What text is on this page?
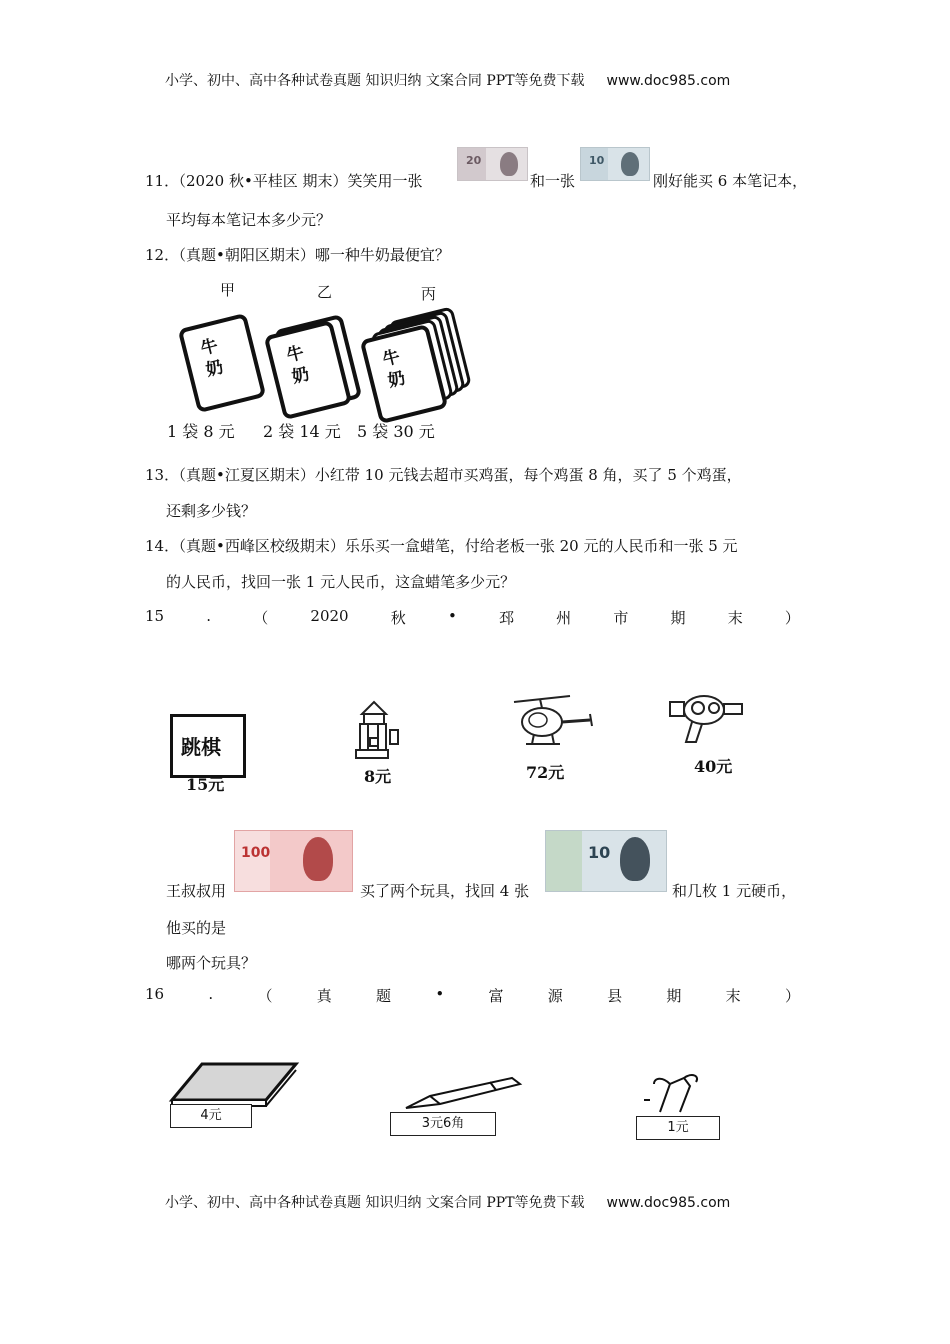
小学、初中、高中各种试卷真题 知识归纳 文案合同 PPT等免费下载 www.doc985.com
11．（2020 秋•平桂区 期末）笑笑用一张
20
和一张
10
刚好能买 6 本笔记本，
平均每本笔记本多少元？
12．（真题•朝阳区期末）哪一种牛奶最便宜？
甲	乙	丙
牛奶
牛奶
牛奶
1 袋 8 元 2 袋 14 元 5 袋 30 元
13．（真题•江夏区期末）小红带 10 元钱去超市买鸡蛋，每个鸡蛋 8 角，买了 5 个鸡蛋，
还剩多少钱？
14．（真题•西峰区校级期末）乐乐买一盒蜡笔，付给老板一张 20 元的人民币和一张 5 元
的人民币，找回一张 1 元人民币，这盒蜡笔多少元？
15	.	（	2020	秋	•	邳	州	市	期	末	）
跳棋
15元	8元	72元	40元
100	10
王叔叔用	买了两个玩具，找回 4 张	和几枚 1 元硬币，
他买的是
哪两个玩具？
16	.	（	真	题	•	富	源	县	期	末	）
4元
3元6角	1元
小学、初中、高中各种试卷真题 知识归纳 文案合同 PPT等免费下载 www.doc985.com
